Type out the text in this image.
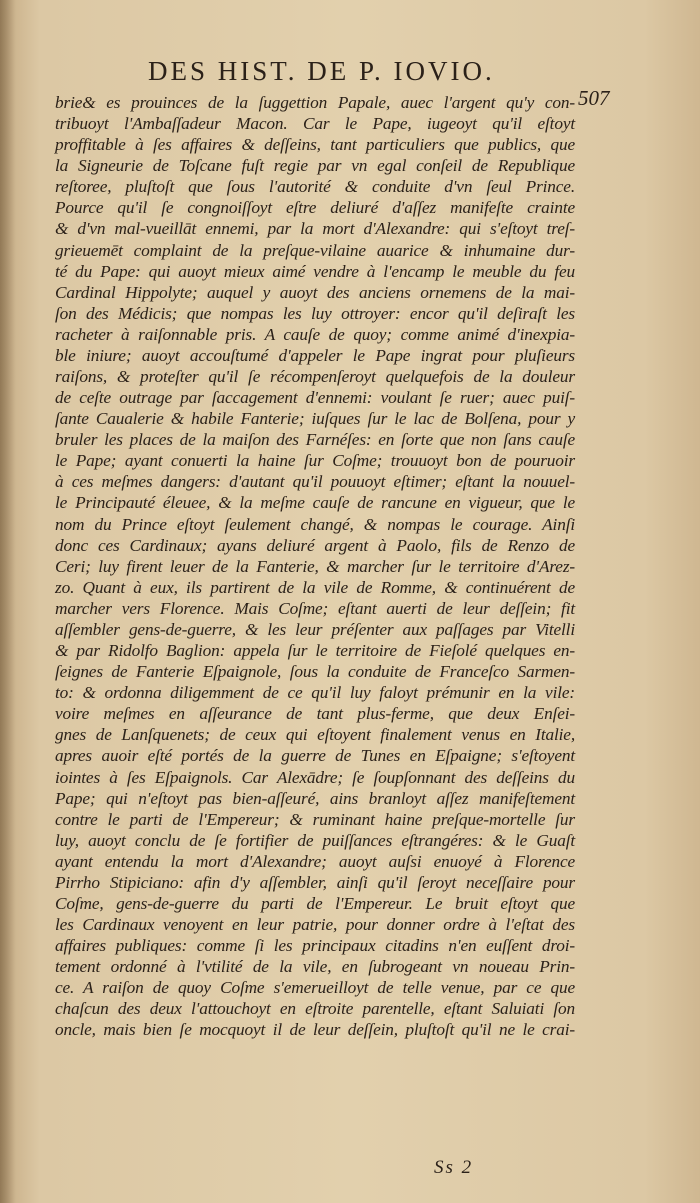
DES HIST. DE P. IOVIO.
507
brie& es prouinces de la ſuggettion Papale, auec l'argent qu'y con-
tribuoyt l'Ambaſſadeur Macon. Car le Pape, iugeoyt qu'il eſtoyt
proffitable à ſes affaires & deſſeins, tant particuliers que publics, que
la Signeurie de Toſcane fuſt regie par vn egal conſeil de Republique
reſtoree, pluſtoſt que ſous l'autorité & conduite d'vn ſeul Prince.
Pource qu'il ſe congnoiſſoyt eſtre deliuré d'aſſez manifeſte crainte
& d'vn mal-vueillāt ennemi, par la mort d'Alexandre: qui s'eſtoyt treſ-
grieuemēt complaint de la preſque-vilaine auarice & inhumaine dur-
té du Pape: qui auoyt mieux aimé vendre à l'encamp le meuble du feu
Cardinal Hippolyte; auquel y auoyt des anciens ornemens de la mai-
ſon des Médicis; que nompas les luy ottroyer: encor qu'il deſiraſt les
racheter à raiſonnable pris. A cauſe de quoy; comme animé d'inexpia-
ble iniure; auoyt accouſtumé d'appeler le Pape ingrat pour pluſieurs
raiſons, & proteſter qu'il ſe récompenſeroyt quelquefois de la douleur
de ceſte outrage par ſaccagement d'ennemi: voulant ſe ruer; auec puiſ-
ſante Caualerie & habile Fanterie; iuſques ſur le lac de Bolſena, pour y
bruler les places de la maiſon des Farnéſes: en ſorte que non ſans cauſe
le Pape; ayant conuerti la haine ſur Coſme; trouuoyt bon de pouruoir
à ces meſmes dangers: d'autant qu'il pouuoyt eſtimer; eſtant la nouuel-
le Principauté éleuee, & la meſme cauſe de rancune en vigueur, que le
nom du Prince eſtoyt ſeulement changé, & nompas le courage. Ainſi
donc ces Cardinaux; ayans deliuré argent à Paolo, fils de Renzo de
Ceri; luy firent leuer de la Fanterie, & marcher ſur le territoire d'Arez-
zo. Quant à eux, ils partirent de la vile de Romme, & continuérent de
marcher vers Florence. Mais Coſme; eſtant auerti de leur deſſein; fit
aſſembler gens-de-guerre, & les leur préſenter aux paſſages par Vitelli
& par Ridolfo Baglion: appela ſur le territoire de Fieſolé quelques en-
ſeignes de Fanterie Eſpaignole, ſous la conduite de Franceſco Sarmen-
to: & ordonna diligemment de ce qu'il luy faloyt prémunir en la vile:
voire meſmes en aſſeurance de tant plus-ferme, que deux Enſei-
gnes de Lanſquenets; de ceux qui eſtoyent finalement venus en Italie,
apres auoir eſté portés de la guerre de Tunes en Eſpaigne; s'eſtoyent
iointes à ſes Eſpaignols. Car Alexādre; ſe ſoupſonnant des deſſeins du
Pape; qui n'eſtoyt pas bien-aſſeuré, ains branloyt aſſez manifeſtement
contre le parti de l'Empereur; & ruminant haine preſque-mortelle ſur
luy, auoyt conclu de ſe fortifier de puiſſances eſtrangéres: & le Guaſt
ayant entendu la mort d'Alexandre; auoyt auſsi enuoyé à Florence
Pirrho Stipiciano: afin d'y aſſembler, ainſi qu'il ſeroyt neceſſaire pour
Coſme, gens-de-guerre du parti de l'Empereur. Le bruit eſtoyt que
les Cardinaux venoyent en leur patrie, pour donner ordre à l'eſtat des
affaires publiques: comme ſi les principaux citadins n'en euſſent droi-
tement ordonné à l'vtilité de la vile, en ſubrogeant vn noueau Prin-
ce. A raiſon de quoy Coſme s'emerueilloyt de telle venue, par ce que
chaſcun des deux l'attouchoyt en eſtroite parentelle, eſtant Saluiati ſon
oncle, mais bien ſe mocquoyt il de leur deſſein, pluſtoſt qu'il ne le crai-
Ss 2
